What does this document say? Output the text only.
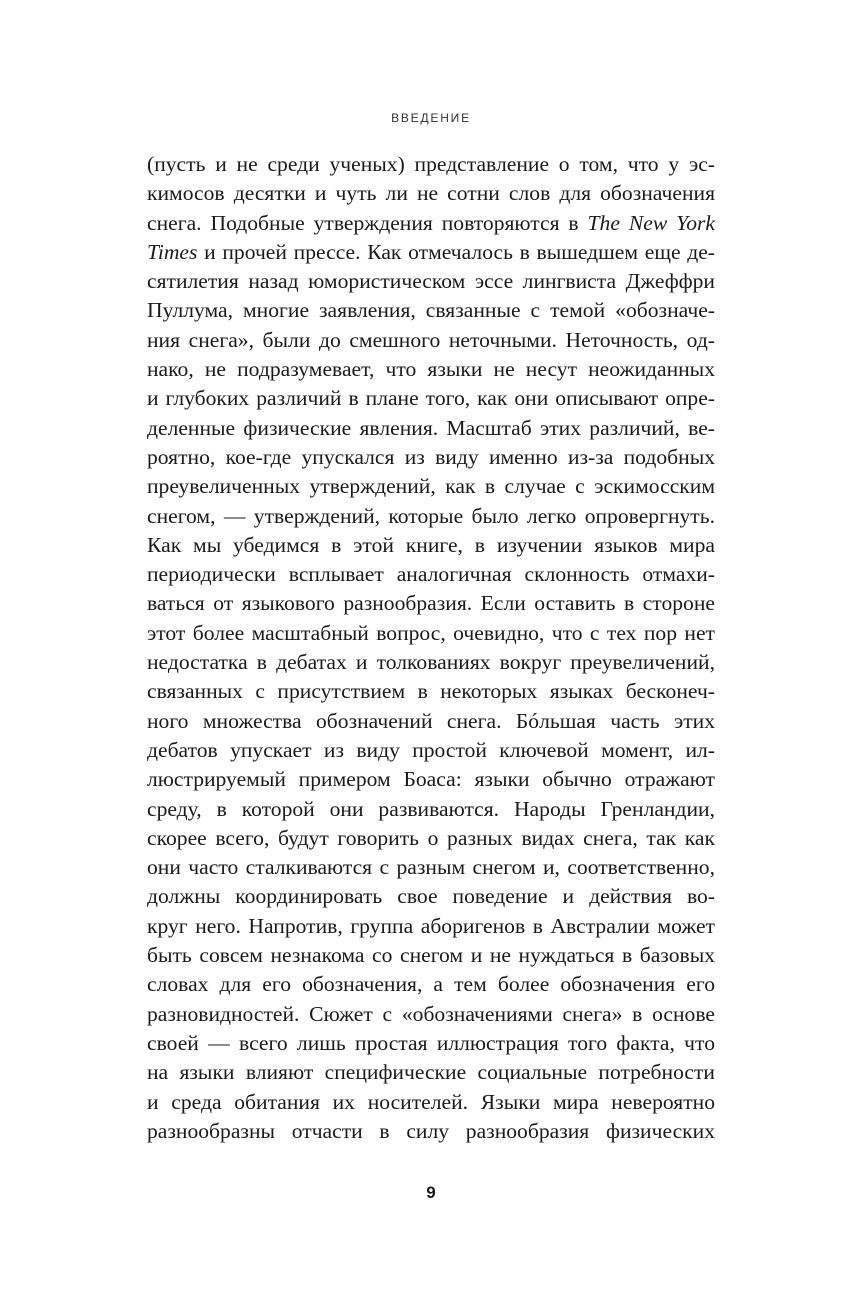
ВВЕДЕНИЕ
(пусть и не среди ученых) представление о том, что у эс-
кимосов десятки и чуть ли не сотни слов для обозначения
снега. Подобные утверждения повторяются в The New York
Times и прочей прессе. Как отмечалось в вышедшем еще де-
сятилетия назад юмористическом эссе лингвиста Джеффри
Пуллума, многие заявления, связанные с темой «обозначе-
ния снега», были до смешного неточными. Неточность, од-
нако, не подразумевает, что языки не несут неожиданных
и глубоких различий в плане того, как они описывают опре-
деленные физические явления. Масштаб этих различий, ве-
роятно, кое-где упускался из виду именно из-за подобных
преувеличенных утверждений, как в случае с эскимосским
снегом, — утверждений, которые было легко опровергнуть.
Как мы убедимся в этой книге, в изучении языков мира
периодически всплывает аналогичная склонность отмахи-
ваться от языкового разнообразия. Если оставить в стороне
этот более масштабный вопрос, очевидно, что с тех пор нет
недостатка в дебатах и толкованиях вокруг преувеличений,
связанных с присутствием в некоторых языках бесконеч-
ного множества обозначений снега. Бóльшая часть этих
дебатов упускает из виду простой ключевой момент, ил-
люстрируемый примером Боаса: языки обычно отражают
среду, в которой они развиваются. Народы Гренландии,
скорее всего, будут говорить о разных видах снега, так как
они часто сталкиваются с разным снегом и, соответственно,
должны координировать свое поведение и действия во-
круг него. Напротив, группа аборигенов в Австралии может
быть совсем незнакома со снегом и не нуждаться в базовых
словах для его обозначения, а тем более обозначения его
разновидностей. Сюжет с «обозначениями снега» в основе
своей — всего лишь простая иллюстрация того факта, что
на языки влияют специфические социальные потребности
и среда обитания их носителей. Языки мира невероятно
разнообразны отчасти в силу разнообразия физических
9
